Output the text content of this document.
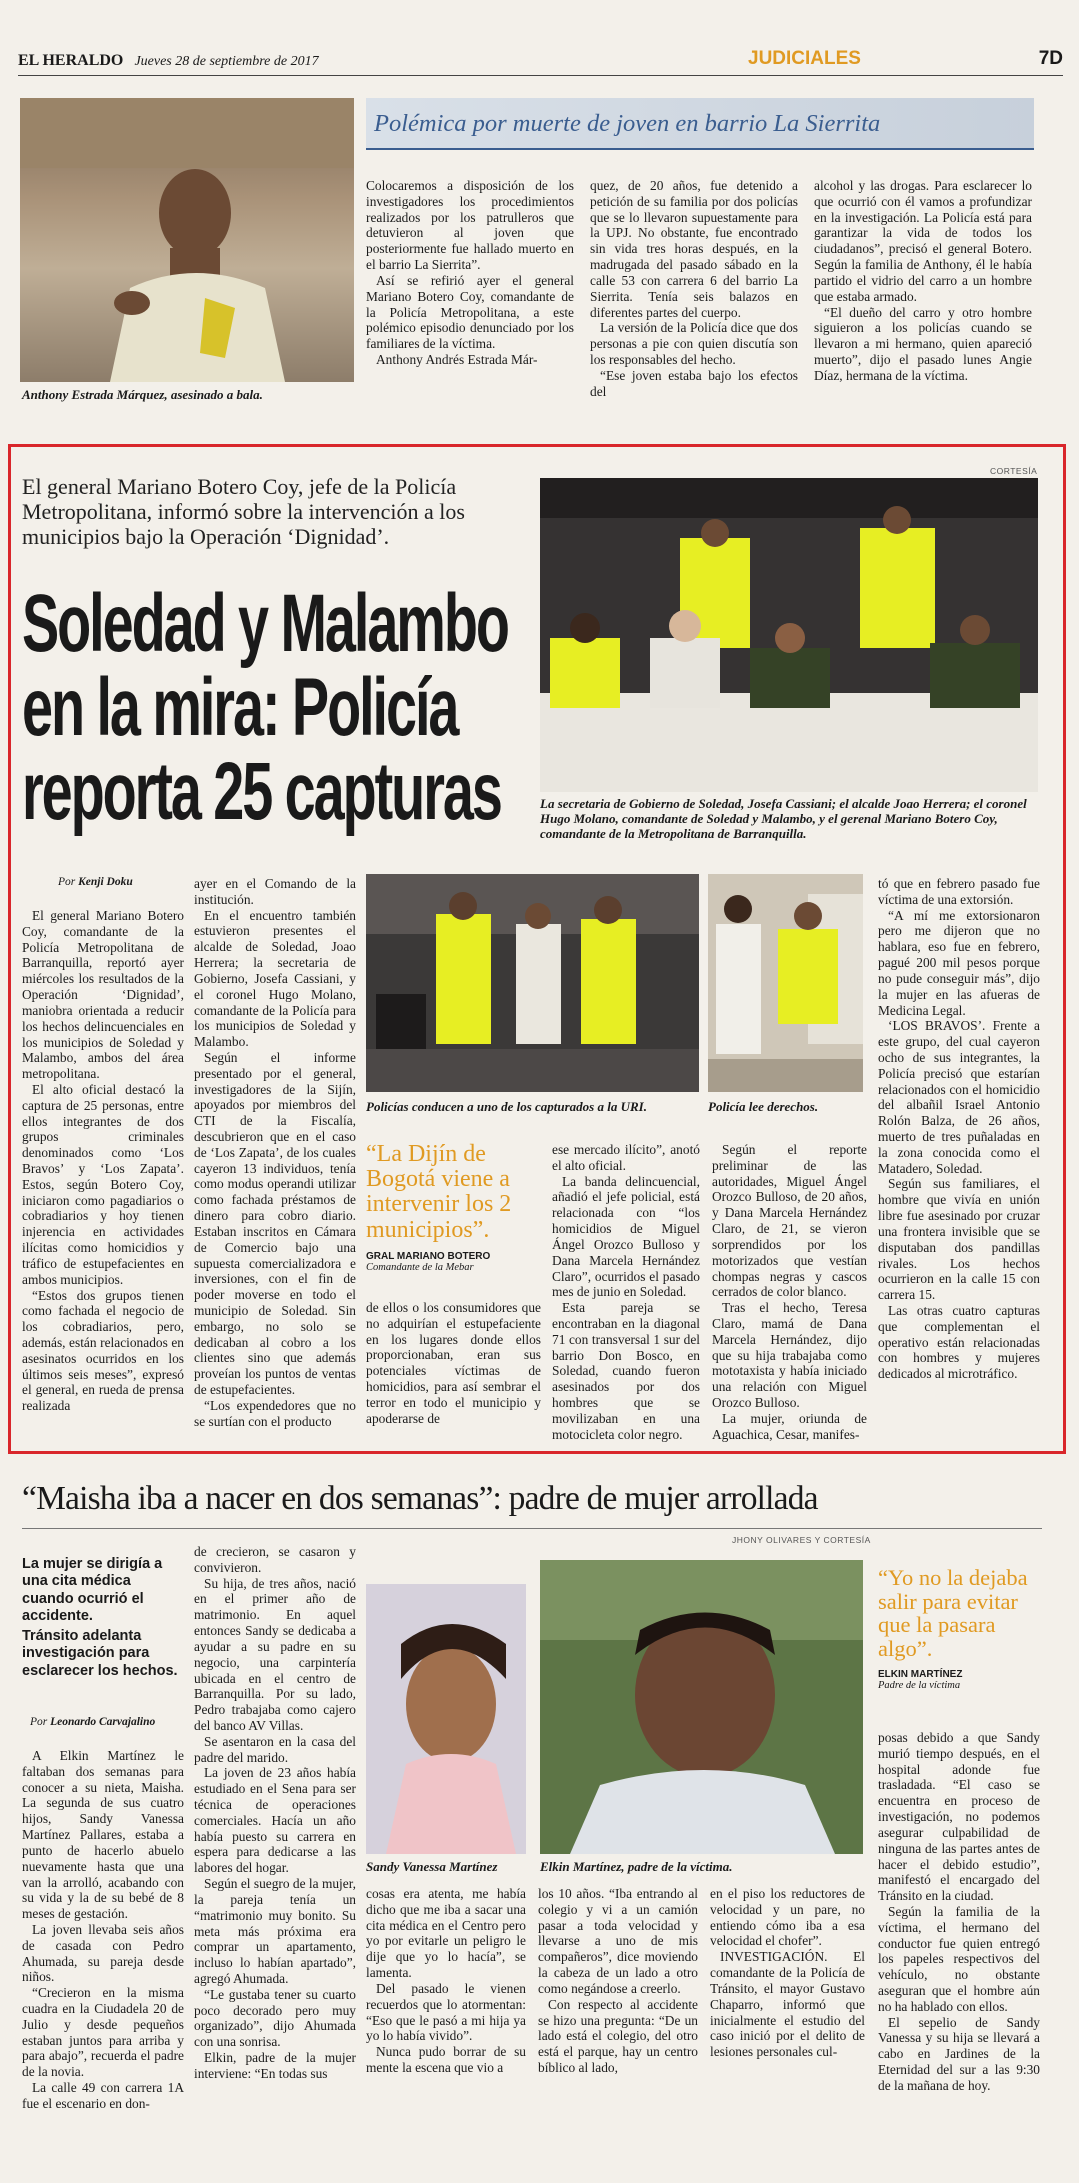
EL HERALDO Jueves 28 de septiembre de 2017	JUDICIALES	7D
Anthony Estrada Márquez, asesinado a bala.
Polémica por muerte de joven en barrio La Sierrita

Colocaremos a disposición de los investigadores los procedimientos realizados por los patrulleros que detuvieron al joven que posteriormente fue hallado muerto en el barrio La Sierrita”.

Así se refirió ayer el general Mariano Botero Coy, comandante de la Policía Metropolitana, a este polémico episodio denunciado por los familiares de la víctima.

Anthony Andrés Estrada Már-

quez, de 20 años, fue detenido a petición de su familia por dos policías que se lo llevaron supuestamente para la UPJ. No obstante, fue encontrado sin vida tres horas después, en la madrugada del pasado sábado en la calle 53 con carrera 6 del barrio La Sierrita. Tenía seis balazos en diferentes partes del cuerpo.

La versión de la Policía dice que dos personas a pie con quien discutía son los responsables del hecho.

“Ese joven estaba bajo los efectos del

alcohol y las drogas. Para esclarecer lo que ocurrió con él vamos a profundizar en la investigación. La Policía está para garantizar la vida de todos los ciudadanos”, precisó el general Botero. Según la familia de Anthony, él le había partido el vidrio del carro a un hombre que estaba armado.

“El dueño del carro y otro hombre siguieron a los policías cuando se llevaron a mi hermano, quien apareció muerto”, dijo el pasado lunes Angie Díaz, hermana de la víctima.

El general Mariano Botero Coy, jefe de la Policía Metropolitana, informó sobre la intervención a los municipios bajo la Operación ‘Dignidad’.
Soledad y Malambo
en la mira: Policía
reporta 25 capturas
CORTESÍA
La secretaria de Gobierno de Soledad, Josefa Cassiani; el alcalde Joao Herrera; el coronel Hugo Molano, comandante de Soledad y Malambo, y el gerenal Mariano Botero Coy, comandante de la Metropolitana de Barranquilla.
Por Kenji Doku

El general Mariano Botero Coy, comandante de la Policía Metropolitana de Barranquilla, reportó ayer miércoles los resultados de la Operación ‘Dignidad’, maniobra orientada a reducir los hechos delincuenciales en los municipios de Soledad y Malambo, ambos del área metropolitana.

El alto oficial destacó la captura de 25 personas, entre ellos integrantes de dos grupos criminales denominados como ‘Los Bravos’ y ‘Los Zapata’. Estos, según Botero Coy, iniciaron como pagadiarios o cobradiarios y hoy tienen injerencia en actividades ilícitas como homicidios y tráfico de estupefacientes en ambos municipios.

“Estos dos grupos tienen como fachada el negocio de los cobradiarios, pero, además, están relacionados en asesinatos ocurridos en los últimos seis meses”, expresó el general, en rueda de prensa realizada

ayer en el Comando de la institución.

En el encuentro también estuvieron presentes el alcalde de Soledad, Joao Herrera; la secretaria de Gobierno, Josefa Cassiani, y el coronel Hugo Molano, comandante de la Policía para los municipios de Soledad y Malambo.

Según el informe presentado por el general, investigadores de la Sijín, apoyados por miembros del CTI de la Fiscalía, descubrieron que en el caso de ‘Los Zapata’, de los cuales cayeron 13 individuos, tenía como modus operandi utilizar como fachada préstamos de dinero para cobro diario. Estaban inscritos en Cámara de Comercio bajo una supuesta comercializadora e inversiones, con el fin de poder moverse en todo el municipio de Soledad. Sin embargo, no solo se dedicaban al cobro a los clientes sino que además proveían los puntos de ventas de estupefacientes.

“Los expendedores que no se surtían con el producto

Policías conducen a uno de los capturados a la URI.	Policía lee derechos.
“La Dijín de Bogotá viene a intervenir los 2 municipios”.
GRAL MARIANO BOTERO
Comandante de la Mebar

de ellos o los consumidores que no adquirían el estupefaciente en los lugares donde ellos proporcionaban, eran sus potenciales víctimas de homicidios, para así sembrar el terror en todo el municipio y apoderarse de

ese mercado ilícito”, anotó el alto oficial.

La banda delincuencial, añadió el jefe policial, está relacionada con “los homicidios de Miguel Ángel Orozco Bulloso y Dana Marcela Hernández Claro”, ocurridos el pasado mes de junio en Soledad.

Esta pareja se encontraban en la diagonal 71 con transversal 1 sur del barrio Don Bosco, en Soledad, cuando fueron asesinados por dos hombres que se movilizaban en una motocicleta color negro.

Según el reporte preliminar de las autoridades, Miguel Ángel Orozco Bulloso, de 20 años, y Dana Marcela Hernández Claro, de 21, se vieron sorprendidos por los motorizados que vestían chompas negras y cascos cerrados de color blanco.

Tras el hecho, Teresa Claro, mamá de Dana Marcela Hernández, dijo que su hija trabajaba como mototaxista y había iniciado una relación con Miguel Orozco Bulloso.

La mujer, oriunda de Aguachica, Cesar, manifes-

tó que en febrero pasado fue víctima de una extorsión.

“A mí me extorsionaron pero me dijeron que no hablara, eso fue en febrero, pagué 200 mil pesos porque no pude conseguir más”, dijo la mujer en las afueras de Medicina Legal.

‘LOS BRAVOS’. Frente a este grupo, del cual cayeron ocho de sus integrantes, la Policía precisó que estarían relacionados con el homicidio del albañil Israel Antonio Rolón Balza, de 26 años, muerto de tres puñaladas en la zona conocida como el Matadero, Soledad.

Según sus familiares, el hombre que vivía en unión libre fue asesinado por cruzar una frontera invisible que se disputaban dos pandillas rivales. Los hechos ocurrieron en la calle 15 con carrera 15.

Las otras cuatro capturas que complementan el operativo están relacionadas con hombres y mujeres dedicados al microtráfico.

“Maisha iba a nacer en dos semanas”: padre de mujer arrollada
La mujer se dirigía a una cita médica cuando ocurrió el accidente.
Tránsito adelanta investigación para esclarecer los hechos.
Por Leonardo Carvajalino

A Elkin Martínez le faltaban dos semanas para conocer a su nieta, Maisha. La segunda de sus cuatro hijos, Sandy Vanessa Martínez Pallares, estaba a punto de hacerlo abuelo nuevamente hasta que una van la arrolló, acabando con su vida y la de su bebé de 8 meses de gestación.

La joven llevaba seis años de casada con Pedro Ahumada, su pareja desde niños.

“Crecieron en la misma cuadra en la Ciudadela 20 de Julio y desde pequeños estaban juntos para arriba y para abajo”, recuerda el padre de la novia.

La calle 49 con carrera 1A fue el escenario en don-

de crecieron, se casaron y convivieron.

Su hija, de tres años, nació en el primer año de matrimonio. En aquel entonces Sandy se dedicaba a ayudar a su padre en su negocio, una carpintería ubicada en el centro de Barranquilla. Por su lado, Pedro trabajaba como cajero del banco AV Villas.

Se asentaron en la casa del padre del marido.

La joven de 23 años había estudiado en el Sena para ser técnica de operaciones comerciales. Hacía un año había puesto su carrera en espera para dedicarse a las labores del hogar.

Según el suegro de la mujer, la pareja tenía un “matrimonio muy bonito. Su meta más próxima era comprar un apartamento, incluso lo habían apartado”, agregó Ahumada.

“Le gustaba tener su cuarto poco decorado pero muy organizado”, dijo Ahumada con una sonrisa.

Elkin, padre de la mujer interviene: “En todas sus

JHONY OLIVARES Y CORTESÍA
Sandy Vanessa Martínez	Elkin Martínez, padre de la víctima.
“Yo no la dejaba salir para evitar que la pasara algo”.
ELKIN MARTÍNEZ
Padre de la víctima

cosas era atenta, me había dicho que me iba a sacar una cita médica en el Centro pero yo por evitarle un peligro le dije que yo lo hacía”, se lamenta.

Del pasado le vienen recuerdos que lo atormentan: “Eso que le pasó a mi hija ya yo lo había vivido”.

Nunca pudo borrar de su mente la escena que vio a

los 10 años. “Iba entrando al colegio y vi a un camión pasar a toda velocidad y llevarse a uno de mis compañeros”, dice moviendo la cabeza de un lado a otro como negándose a creerlo.

Con respecto al accidente se hizo una pregunta: “De un lado está el colegio, del otro está el parque, hay un centro bíblico al lado,

en el piso los reductores de velocidad y un pare, no entiendo cómo iba a esa velocidad el chofer”.

INVESTIGACIÓN. El comandante de la Policía de Tránsito, el mayor Gustavo Chaparro, informó que inicialmente el estudio del caso inició por el delito de lesiones personales cul-

posas debido a que Sandy murió tiempo después, en el hospital adonde fue trasladada. “El caso se encuentra en proceso de investigación, no podemos asegurar culpabilidad de ninguna de las partes antes de hacer el debido estudio”, manifestó el encargado del Tránsito en la ciudad.

Según la familia de la víctima, el hermano del conductor fue quien entregó los papeles respectivos del vehículo, no obstante aseguran que el hombre aún no ha hablado con ellos.

El sepelio de Sandy Vanessa y su hija se llevará a cabo en Jardines de la Eternidad del sur a las 9:30 de la mañana de hoy.
